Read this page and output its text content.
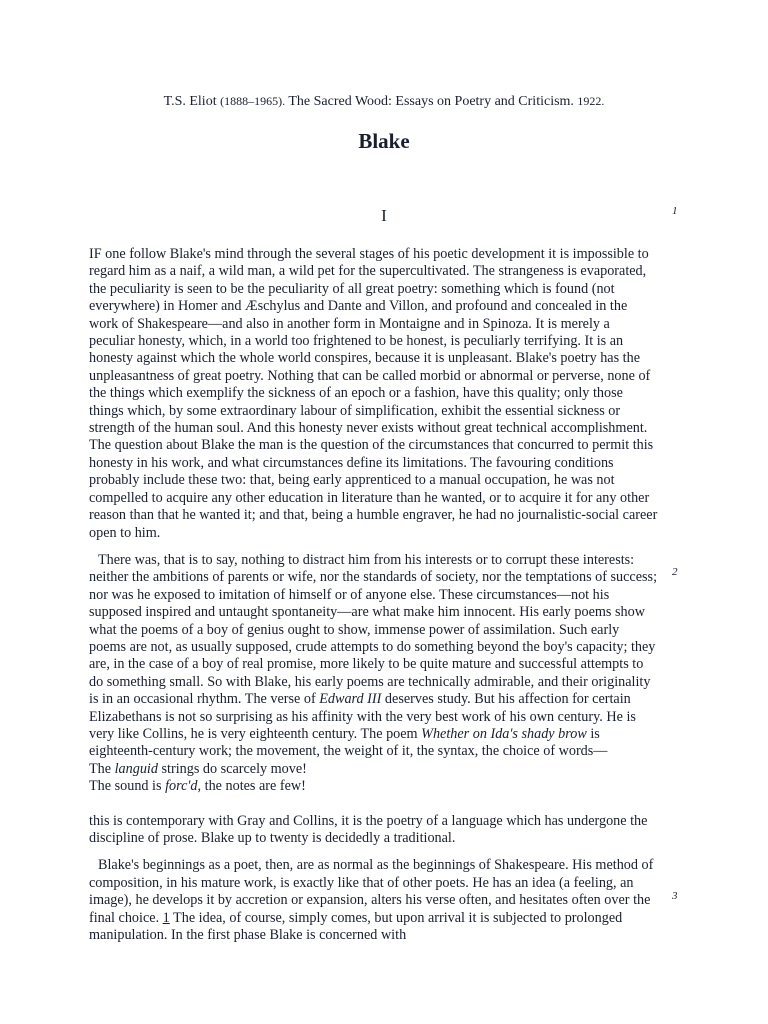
T.S. Eliot (1888–1965). The Sacred Wood: Essays on Poetry and Criticism. 1922.
Blake
I	1
2
3

IF one follow Blake's mind through the several stages of his poetic development it is impossible to regard him as a naif, a wild man, a wild pet for the supercultivated. The strangeness is evaporated, the peculiarity is seen to be the peculiarity of all great poetry: something which is found (not everywhere) in Homer and Æschylus and Dante and Villon, and profound and concealed in the work of Shakespeare—and also in another form in Montaigne and in Spinoza. It is merely a peculiar honesty, which, in a world too frightened to be honest, is peculiarly terrifying. It is an honesty against which the whole world conspires, because it is unpleasant. Blake's poetry has the unpleasantness of great poetry. Nothing that can be called morbid or abnormal or perverse, none of the things which exemplify the sickness of an epoch or a fashion, have this quality; only those things which, by some extraordinary labour of simplification, exhibit the essential sickness or strength of the human soul. And this honesty never exists without great technical accomplishment. The question about Blake the man is the question of the circumstances that concurred to permit this honesty in his work, and what circumstances define its limitations. The favouring conditions probably include these two: that, being early apprenticed to a manual occupation, he was not compelled to acquire any other education in literature than he wanted, or to acquire it for any other reason than that he wanted it; and that, being a humble engraver, he had no journalistic-social career open to him.

There was, that is to say, nothing to distract him from his interests or to corrupt these interests: neither the ambitions of parents or wife, nor the standards of society, nor the temptations of success; nor was he exposed to imitation of himself or of anyone else. These circumstances—not his supposed inspired and untaught spontaneity—are what make him innocent. His early poems show what the poems of a boy of genius ought to show, immense power of assimilation. Such early poems are not, as usually supposed, crude attempts to do something beyond the boy's capacity; they are, in the case of a boy of real promise, more likely to be quite mature and successful attempts to do something small. So with Blake, his early poems are technically admirable, and their originality is in an occasional rhythm. The verse of Edward III deserves study. But his affection for certain Elizabethans is not so surprising as his affinity with the very best work of his own century. He is very like Collins, he is very eighteenth century. The poem Whether on Ida's shady brow is eighteenth-century work; the movement, the weight of it, the syntax, the choice of words—

The languid strings do scarcely move!

The sound is forc'd, the notes are few!

this is contemporary with Gray and Collins, it is the poetry of a language which has undergone the discipline of prose. Blake up to twenty is decidedly a traditional.

Blake's beginnings as a poet, then, are as normal as the beginnings of Shakespeare. His method of composition, in his mature work, is exactly like that of other poets. He has an idea (a feeling, an image), he develops it by accretion or expansion, alters his verse often, and hesitates often over the final choice. 1 The idea, of course, simply comes, but upon arrival it is subjected to prolonged manipulation. In the first phase Blake is concerned with
